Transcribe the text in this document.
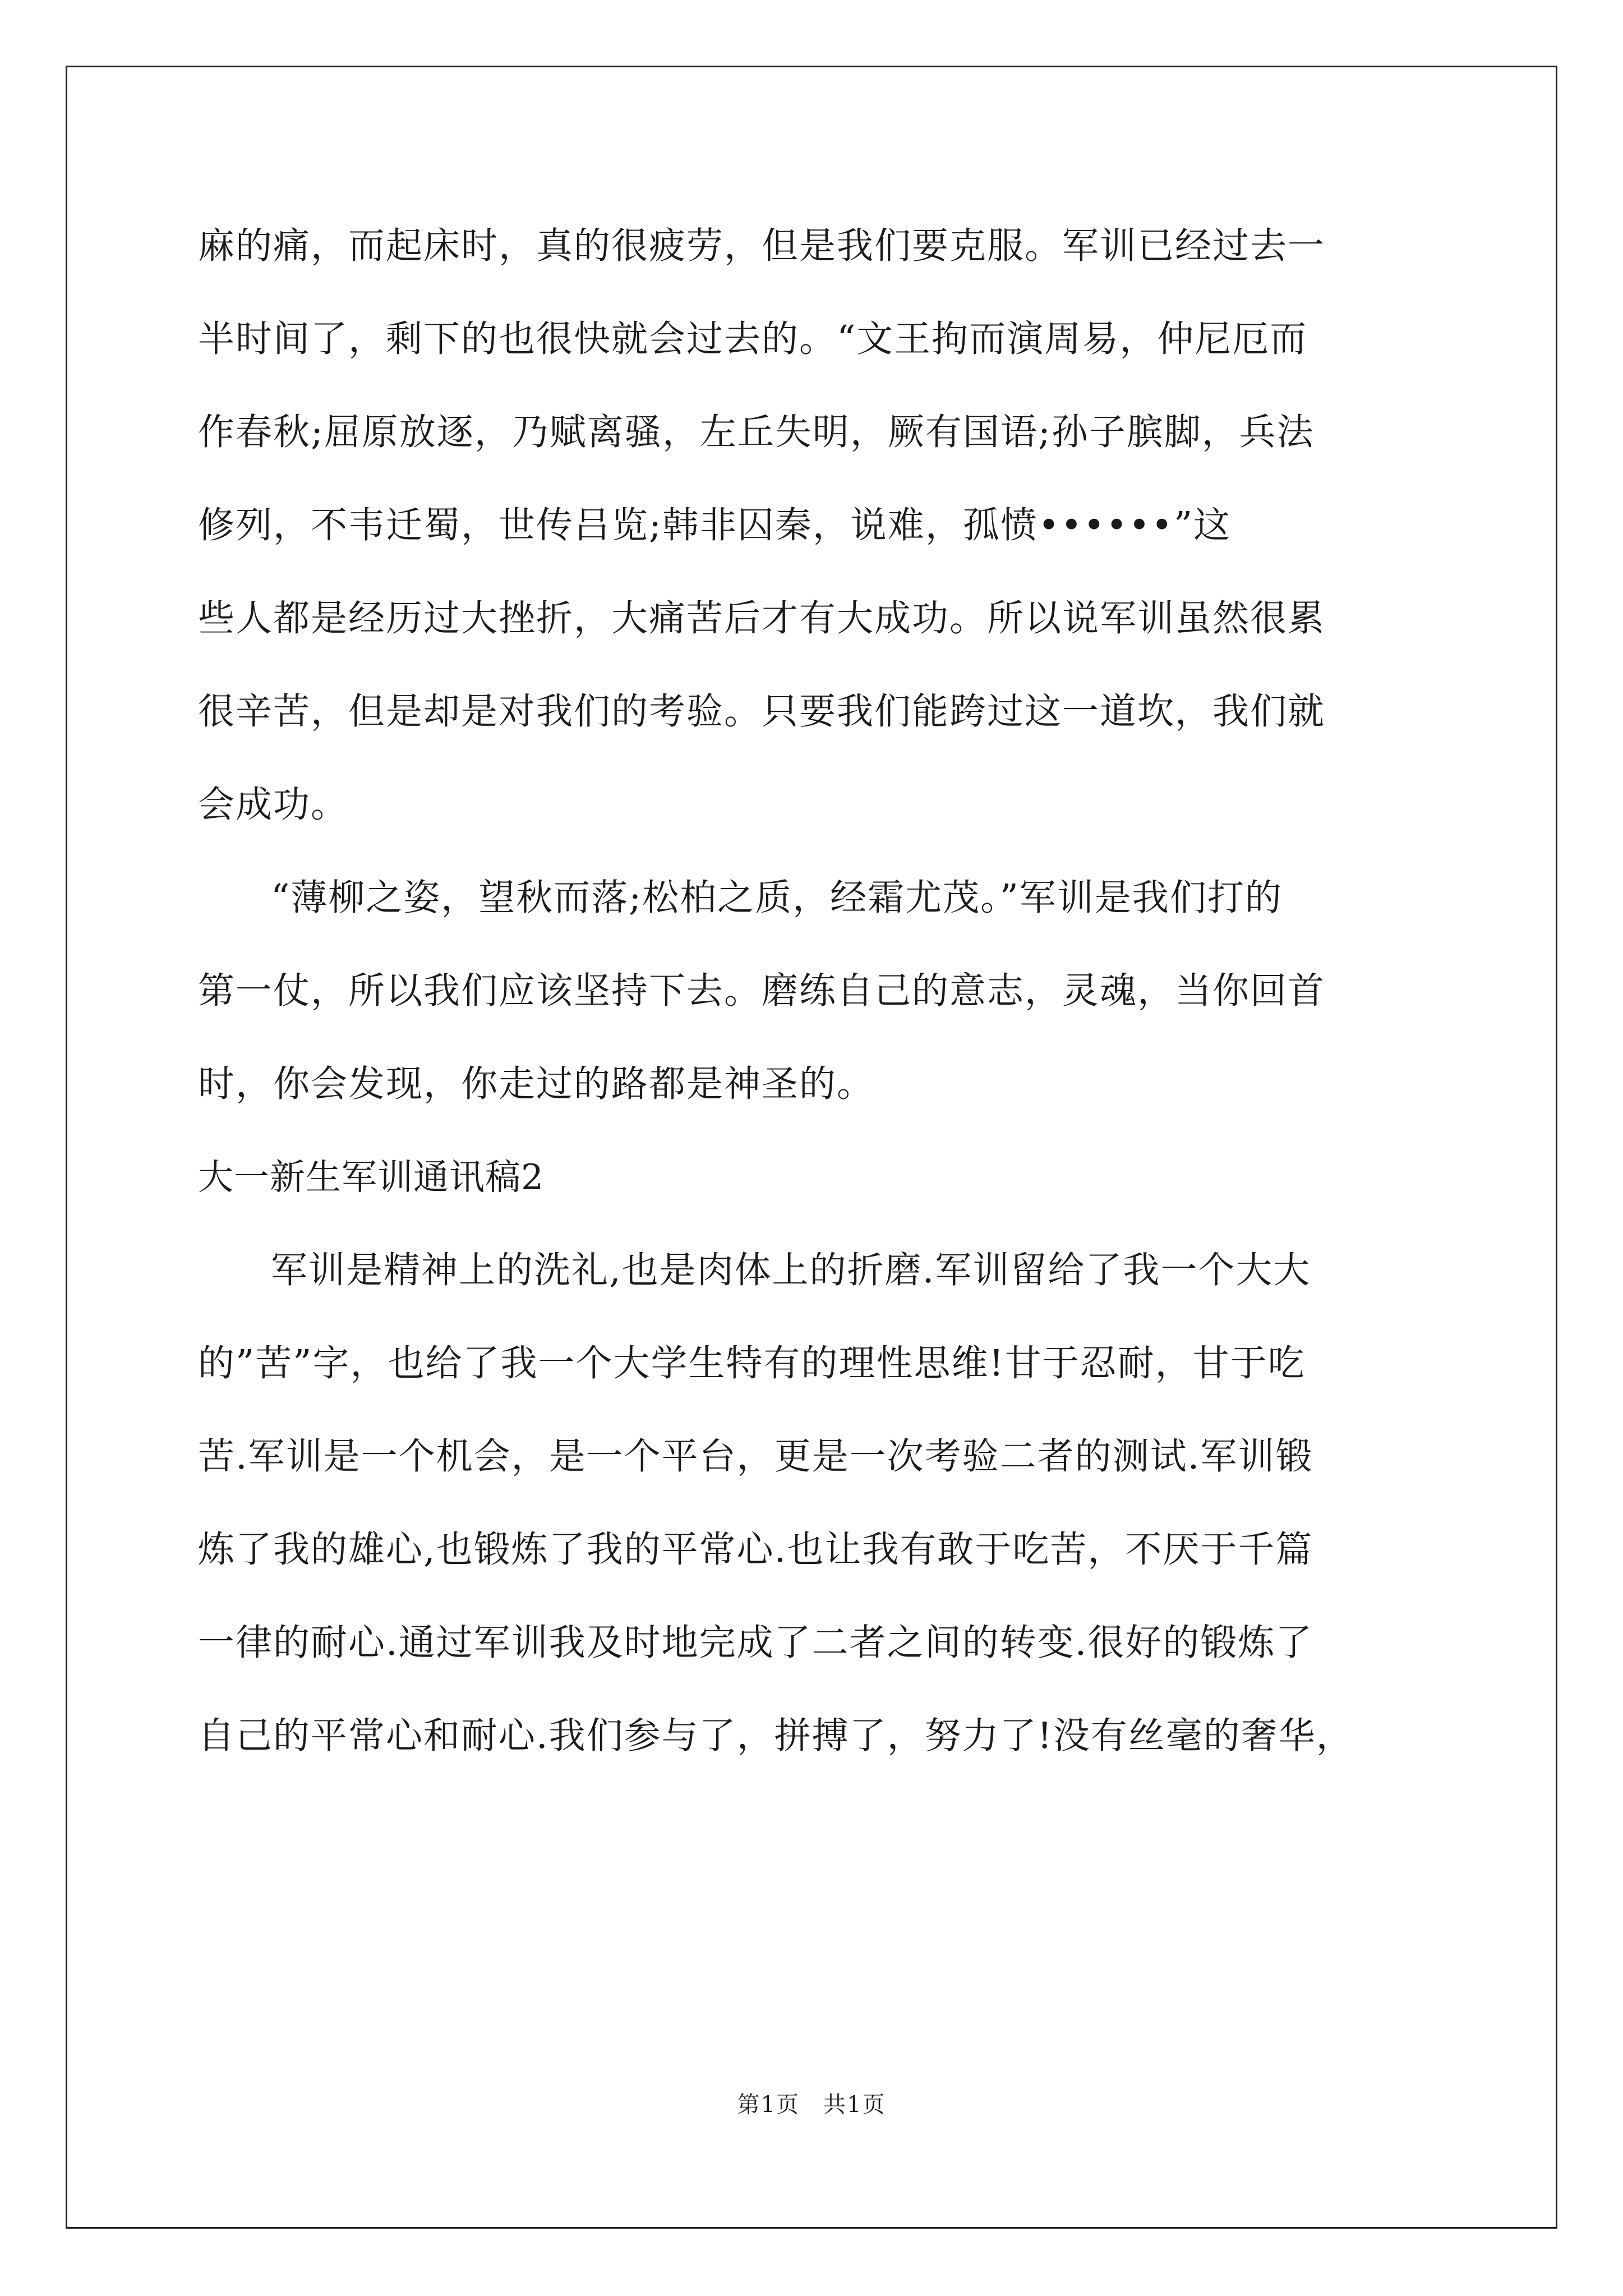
麻的痛，而起床时，真的很疲劳，但是我们要克服。军训已经过去一
半时间了，剩下的也很快就会过去的。“文王拘而演周易，仲尼厄而
作春秋;屈原放逐，乃赋离骚，左丘失明，厥有国语;孙子膑脚，兵法
修列，不韦迁蜀，世传吕览;韩非囚秦，说难，孤愤••••••”这
些人都是经历过大挫折，大痛苦后才有大成功。所以说军训虽然很累
很辛苦，但是却是对我们的考验。只要我们能跨过这一道坎，我们就
会成功。
“薄柳之姿，望秋而落;松柏之质，经霜尤茂。”军训是我们打的
第一仗，所以我们应该坚持下去。磨练自己的意志，灵魂，当你回首
时，你会发现，你走过的路都是神圣的。
大一新生军训通讯稿2
军训是精神上的洗礼,也是肉体上的折磨.军训留给了我一个大大
的”苦”字，也给了我一个大学生特有的理性思维!甘于忍耐，甘于吃
苦.军训是一个机会，是一个平台，更是一次考验二者的测试.军训锻
炼了我的雄心,也锻炼了我的平常心.也让我有敢于吃苦，不厌于千篇
一律的耐心.通过军训我及时地完成了二者之间的转变.很好的锻炼了
自己的平常心和耐心.我们参与了，拼搏了，努力了!没有丝毫的奢华，
第1页　共1页
